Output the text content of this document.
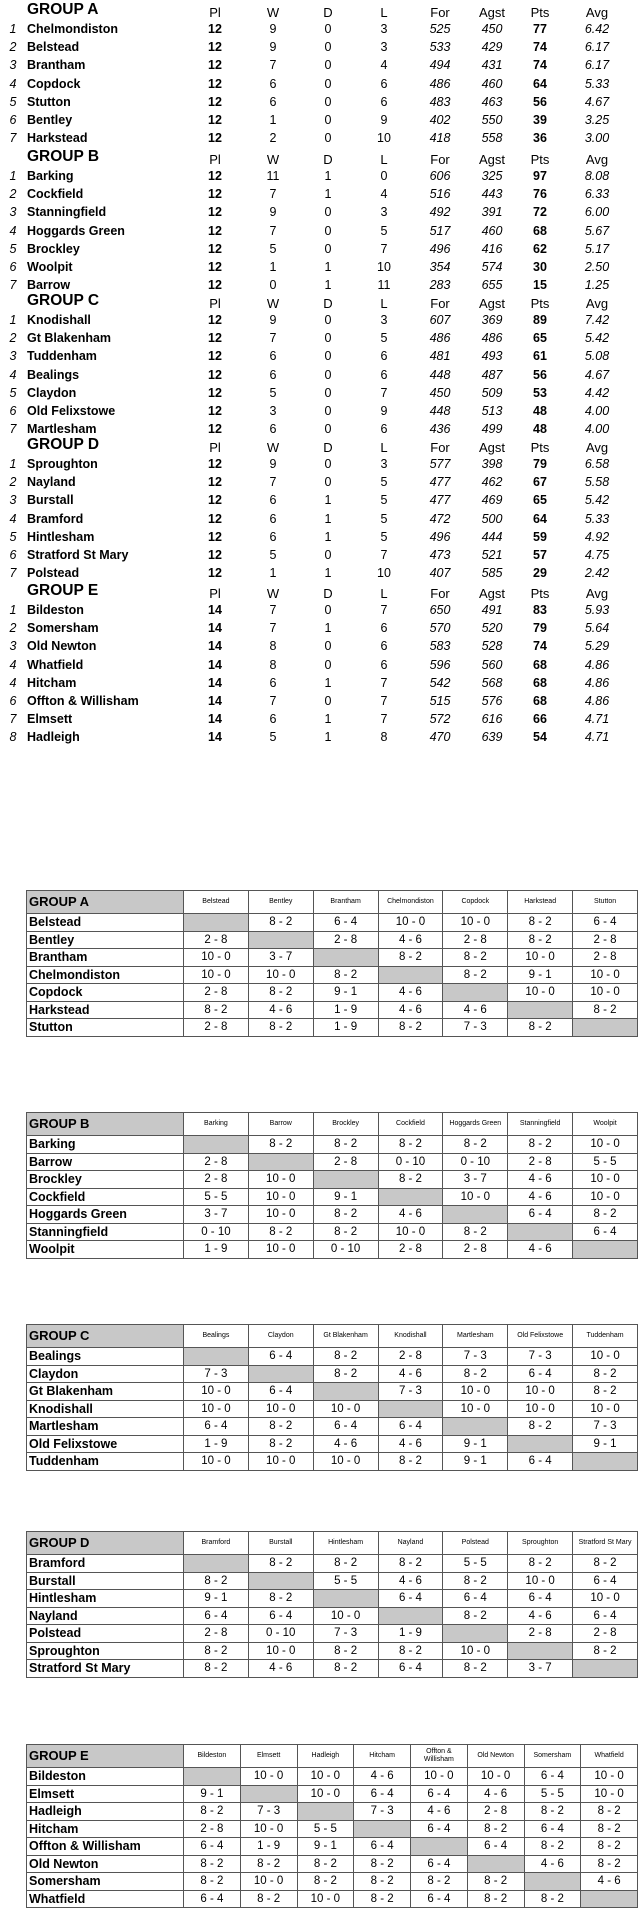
GROUP A	Pl	W	D	L	For	Agst	Pts	Avg
1 Chelmondiston	12	9	0	3	525	450	77	6.42
2 Belstead	12	9	0	3	533	429	74	6.17
3 Brantham	12	7	0	4	494	431	74	6.17
4 Copdock	12	6	0	6	486	460	64	5.33
5 Stutton	12	6	0	6	483	463	56	4.67
6 Bentley	12	1	0	9	402	550	39	3.25
7 Harkstead	12	2	0	10	418	558	36	3.00
GROUP B	Pl	W	D	L	For	Agst	Pts	Avg
1 Barking	12	11	1	0	606	325	97	8.08
2 Cockfield	12	7	1	4	516	443	76	6.33
3 Stanningfield	12	9	0	3	492	391	72	6.00
4 Hoggards Green	12	7	0	5	517	460	68	5.67
5 Brockley	12	5	0	7	496	416	62	5.17
6 Woolpit	12	1	1	10	354	574	30	2.50
7 Barrow	12	0	1	11	283	655	15	1.25
GROUP C	Pl	W	D	L	For	Agst	Pts	Avg
1 Knodishall	12	9	0	3	607	369	89	7.42
2 Gt Blakenham	12	7	0	5	486	486	65	5.42
3 Tuddenham	12	6	0	6	481	493	61	5.08
4 Bealings	12	6	0	6	448	487	56	4.67
5 Claydon	12	5	0	7	450	509	53	4.42
6 Old Felixstowe	12	3	0	9	448	513	48	4.00
7 Martlesham	12	6	0	6	436	499	48	4.00
GROUP D	Pl	W	D	L	For	Agst	Pts	Avg
1 Sproughton	12	9	0	3	577	398	79	6.58
2 Nayland	12	7	0	5	477	462	67	5.58
3 Burstall	12	6	1	5	477	469	65	5.42
4 Bramford	12	6	1	5	472	500	64	5.33
5 Hintlesham	12	6	1	5	496	444	59	4.92
6 Stratford St Mary	12	5	0	7	473	521	57	4.75
7 Polstead	12	1	1	10	407	585	29	2.42
GROUP E	Pl	W	D	L	For	Agst	Pts	Avg
1 Bildeston	14	7	0	7	650	491	83	5.93
2 Somersham	14	7	1	6	570	520	79	5.64
3 Old Newton	14	8	0	6	583	528	74	5.29
4 Whatfield	14	8	0	6	596	560	68	4.86
4 Hitcham	14	6	1	7	542	568	68	4.86
6 Offton & Willisham	14	7	0	7	515	576	68	4.86
7 Elmsett	14	6	1	7	572	616	66	4.71
8 Hadleigh	14	5	1	8	470	639	54	4.71
GROUP A	Belstead	Bentley	Brantham	Chelmondiston	Copdock	Harkstead	Stutton
Belstead		8 - 2	6 - 4	10 - 0	10 - 0	8 - 2	6 - 4
Bentley	2 - 8		2 - 8	4 - 6	2 - 8	8 - 2	2 - 8
Brantham	10 - 0	3 - 7		8 - 2	8 - 2	10 - 0	2 - 8
Chelmondiston	10 - 0	10 - 0	8 - 2		8 - 2	9 - 1	10 - 0
Copdock	2 - 8	8 - 2	9 - 1	4 - 6		10 - 0	10 - 0
Harkstead	8 - 2	4 - 6	1 - 9	4 - 6	4 - 6		8 - 2
Stutton	2 - 8	8 - 2	1 - 9	8 - 2	7 - 3	8 - 2	
GROUP B	Barking	Barrow	Brockley	Cockfield	Hoggards Green	Stanningfield	Woolpit
Barking		8 - 2	8 - 2	8 - 2	8 - 2	8 - 2	10 - 0
Barrow	2 - 8		2 - 8	0 - 10	0 - 10	2 - 8	5 - 5
Brockley	2 - 8	10 - 0		8 - 2	3 - 7	4 - 6	10 - 0
Cockfield	5 - 5	10 - 0	9 - 1		10 - 0	4 - 6	10 - 0
Hoggards Green	3 - 7	10 - 0	8 - 2	4 - 6		6 - 4	8 - 2
Stanningfield	0 - 10	8 - 2	8 - 2	10 - 0	8 - 2		6 - 4
Woolpit	1 - 9	10 - 0	0 - 10	2 - 8	2 - 8	4 - 6	
GROUP C	Bealings	Claydon	Gt Blakenham	Knodishall	Martlesham	Old Felixstowe	Tuddenham
Bealings		6 - 4	8 - 2	2 - 8	7 - 3	7 - 3	10 - 0
Claydon	7 - 3		8 - 2	4 - 6	8 - 2	6 - 4	8 - 2
Gt Blakenham	10 - 0	6 - 4		7 - 3	10 - 0	10 - 0	8 - 2
Knodishall	10 - 0	10 - 0	10 - 0		10 - 0	10 - 0	10 - 0
Martlesham	6 - 4	8 - 2	6 - 4	6 - 4		8 - 2	7 - 3
Old Felixstowe	1 - 9	8 - 2	4 - 6	4 - 6	9 - 1		9 - 1
Tuddenham	10 - 0	10 - 0	10 - 0	8 - 2	9 - 1	6 - 4	
GROUP D	Bramford	Burstall	Hintlesham	Nayland	Polstead	Sproughton	Stratford St Mary
Bramford		8 - 2	8 - 2	8 - 2	5 - 5	8 - 2	8 - 2
Burstall	8 - 2		5 - 5	4 - 6	8 - 2	10 - 0	6 - 4
Hintlesham	9 - 1	8 - 2		6 - 4	6 - 4	6 - 4	10 - 0
Nayland	6 - 4	6 - 4	10 - 0		8 - 2	4 - 6	6 - 4
Polstead	2 - 8	0 - 10	7 - 3	1 - 9		2 - 8	2 - 8
Sproughton	8 - 2	10 - 0	8 - 2	8 - 2	10 - 0		8 - 2
Stratford St Mary	8 - 2	4 - 6	8 - 2	6 - 4	8 - 2	3 - 7	
GROUP E	Bildeston	Elmsett	Hadleigh	Hitcham	Offton & Willisham	Old Newton	Somersham	Whatfield
Bildeston		10 - 0	10 - 0	4 - 6	10 - 0	10 - 0	6 - 4	10 - 0
Elmsett	9 - 1		10 - 0	6 - 4	6 - 4	4 - 6	5 - 5	10 - 0
Hadleigh	8 - 2	7 - 3		7 - 3	4 - 6	2 - 8	8 - 2	8 - 2
Hitcham	2 - 8	10 - 0	5 - 5		6 - 4	8 - 2	6 - 4	8 - 2
Offton & Willisham	6 - 4	1 - 9	9 - 1	6 - 4		6 - 4	8 - 2	8 - 2
Old Newton	8 - 2	8 - 2	8 - 2	8 - 2	6 - 4		4 - 6	8 - 2
Somersham	8 - 2	10 - 0	8 - 2	8 - 2	8 - 2	8 - 2		4 - 6
Whatfield	6 - 4	8 - 2	10 - 0	8 - 2	6 - 4	8 - 2	8 - 2	
